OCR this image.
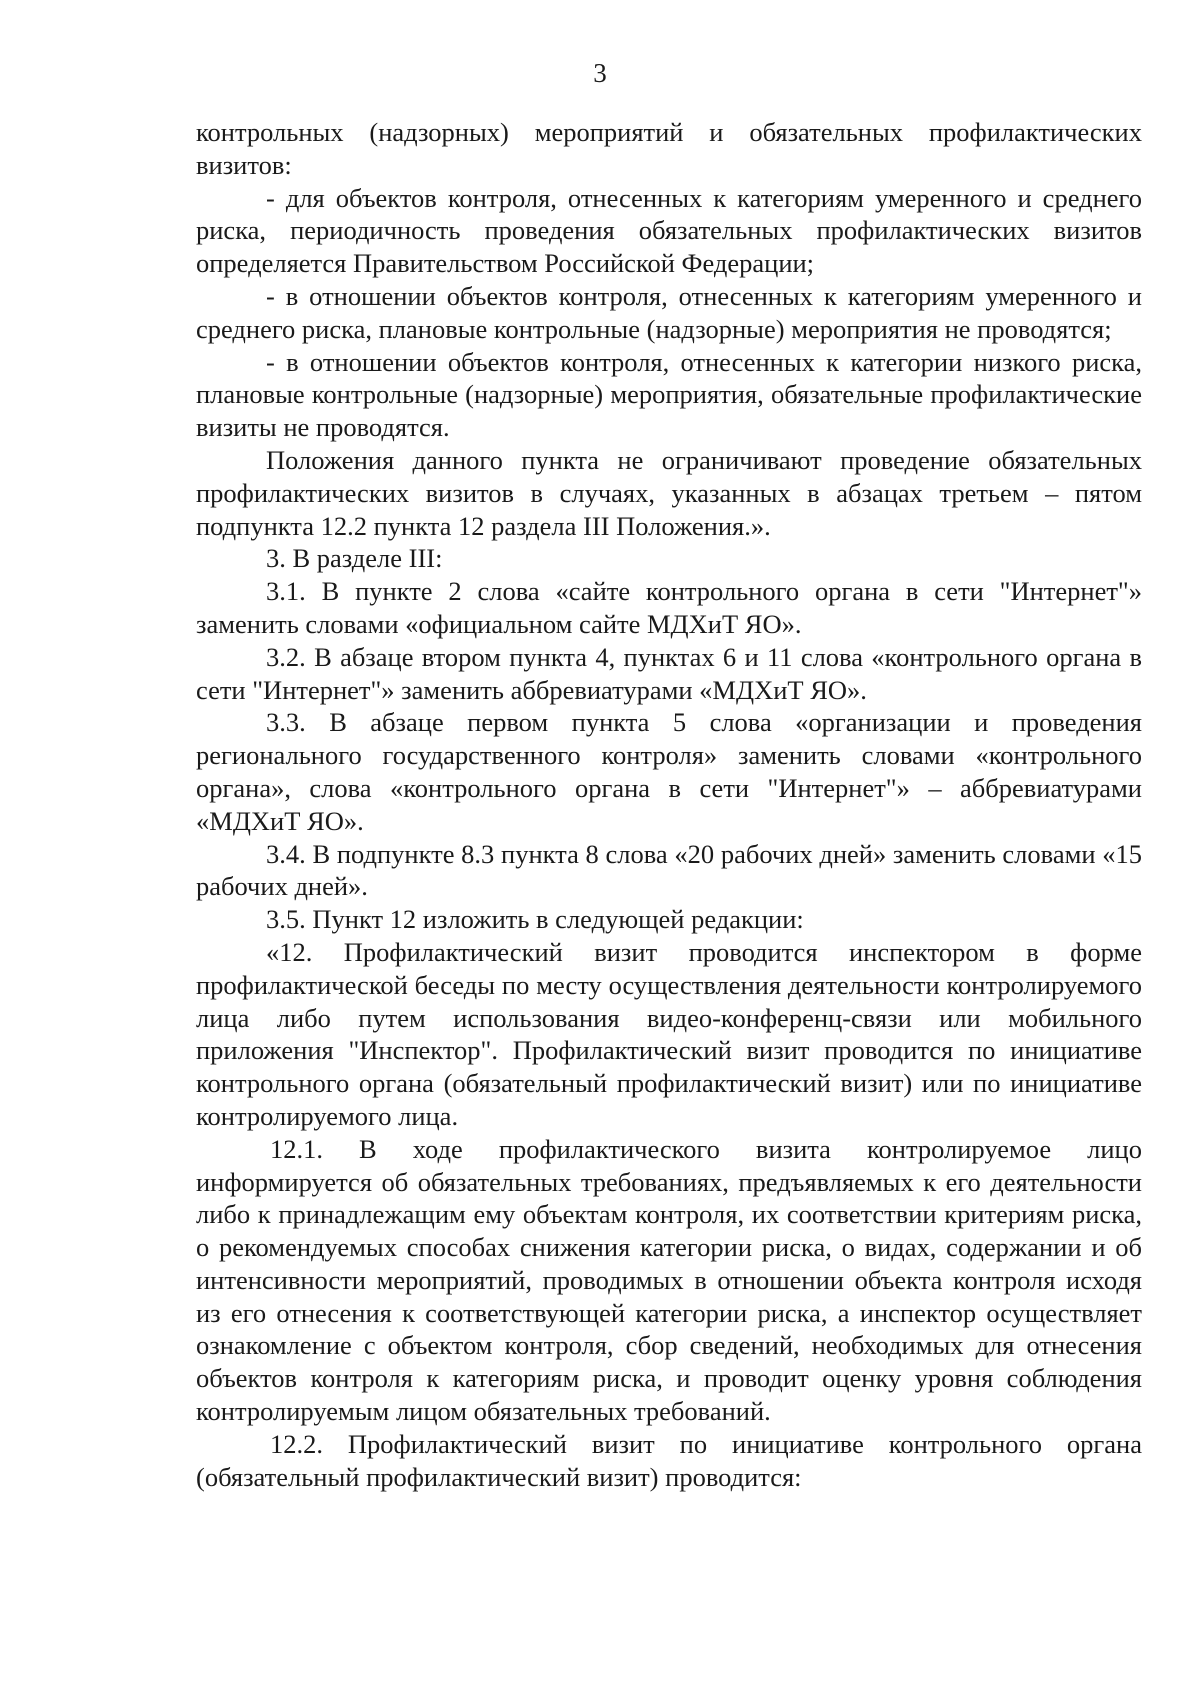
3

контрольных (надзорных) мероприятий и обязательных профилактических визитов:

- для объектов контроля, отнесенных к категориям умеренного и среднего риска, периодичность проведения обязательных профилактических визитов определяется Правительством Российской Федерации;

- в отношении объектов контроля, отнесенных к категориям умеренного и среднего риска, плановые контрольные (надзорные) мероприятия не проводятся;

- в отношении объектов контроля, отнесенных к категории низкого риска, плановые контрольные (надзорные) мероприятия, обязательные профилактические визиты не проводятся.

Положения данного пункта не ограничивают проведение обязательных профилактических визитов в случаях, указанных в абзацах третьем – пятом подпункта 12.2 пункта 12 раздела III Положения.».

3. В разделе III:

3.1. В пункте 2 слова «сайте контрольного органа в сети "Интернет"» заменить словами «официальном сайте МДХиТ ЯО».

3.2. В абзаце втором пункта 4, пунктах 6 и 11 слова «контрольного органа в сети "Интернет"» заменить аббревиатурами «МДХиТ ЯО».

3.3. В абзаце первом пункта 5 слова «организации и проведения регионального государственного контроля» заменить словами «контрольного органа», слова «контрольного органа в сети "Интернет"» – аббревиатурами «МДХиТ ЯО».

3.4. В подпункте 8.3 пункта 8 слова «20 рабочих дней» заменить словами «15 рабочих дней».

3.5. Пункт 12 изложить в следующей редакции:

«12. Профилактический визит проводится инспектором в форме профилактической беседы по месту осуществления деятельности контролируемого лица либо путем использования видео-конференц-связи или мобильного приложения "Инспектор". Профилактический визит проводится по инициативе контрольного органа (обязательный профилактический визит) или по инициативе контролируемого лица.

12.1. В ходе профилактического визита контролируемое лицо информируется об обязательных требованиях, предъявляемых к его деятельности либо к принадлежащим ему объектам контроля, их соответствии критериям риска, о рекомендуемых способах снижения категории риска, о видах, содержании и об интенсивности мероприятий, проводимых в отношении объекта контроля исходя из его отнесения к соответствующей категории риска, а инспектор осуществляет ознакомление с объектом контроля, сбор сведений, необходимых для отнесения объектов контроля к категориям риска, и проводит оценку уровня соблюдения контролируемым лицом обязательных требований.

12.2. Профилактический визит по инициативе контрольного органа (обязательный профилактический визит) проводится:
